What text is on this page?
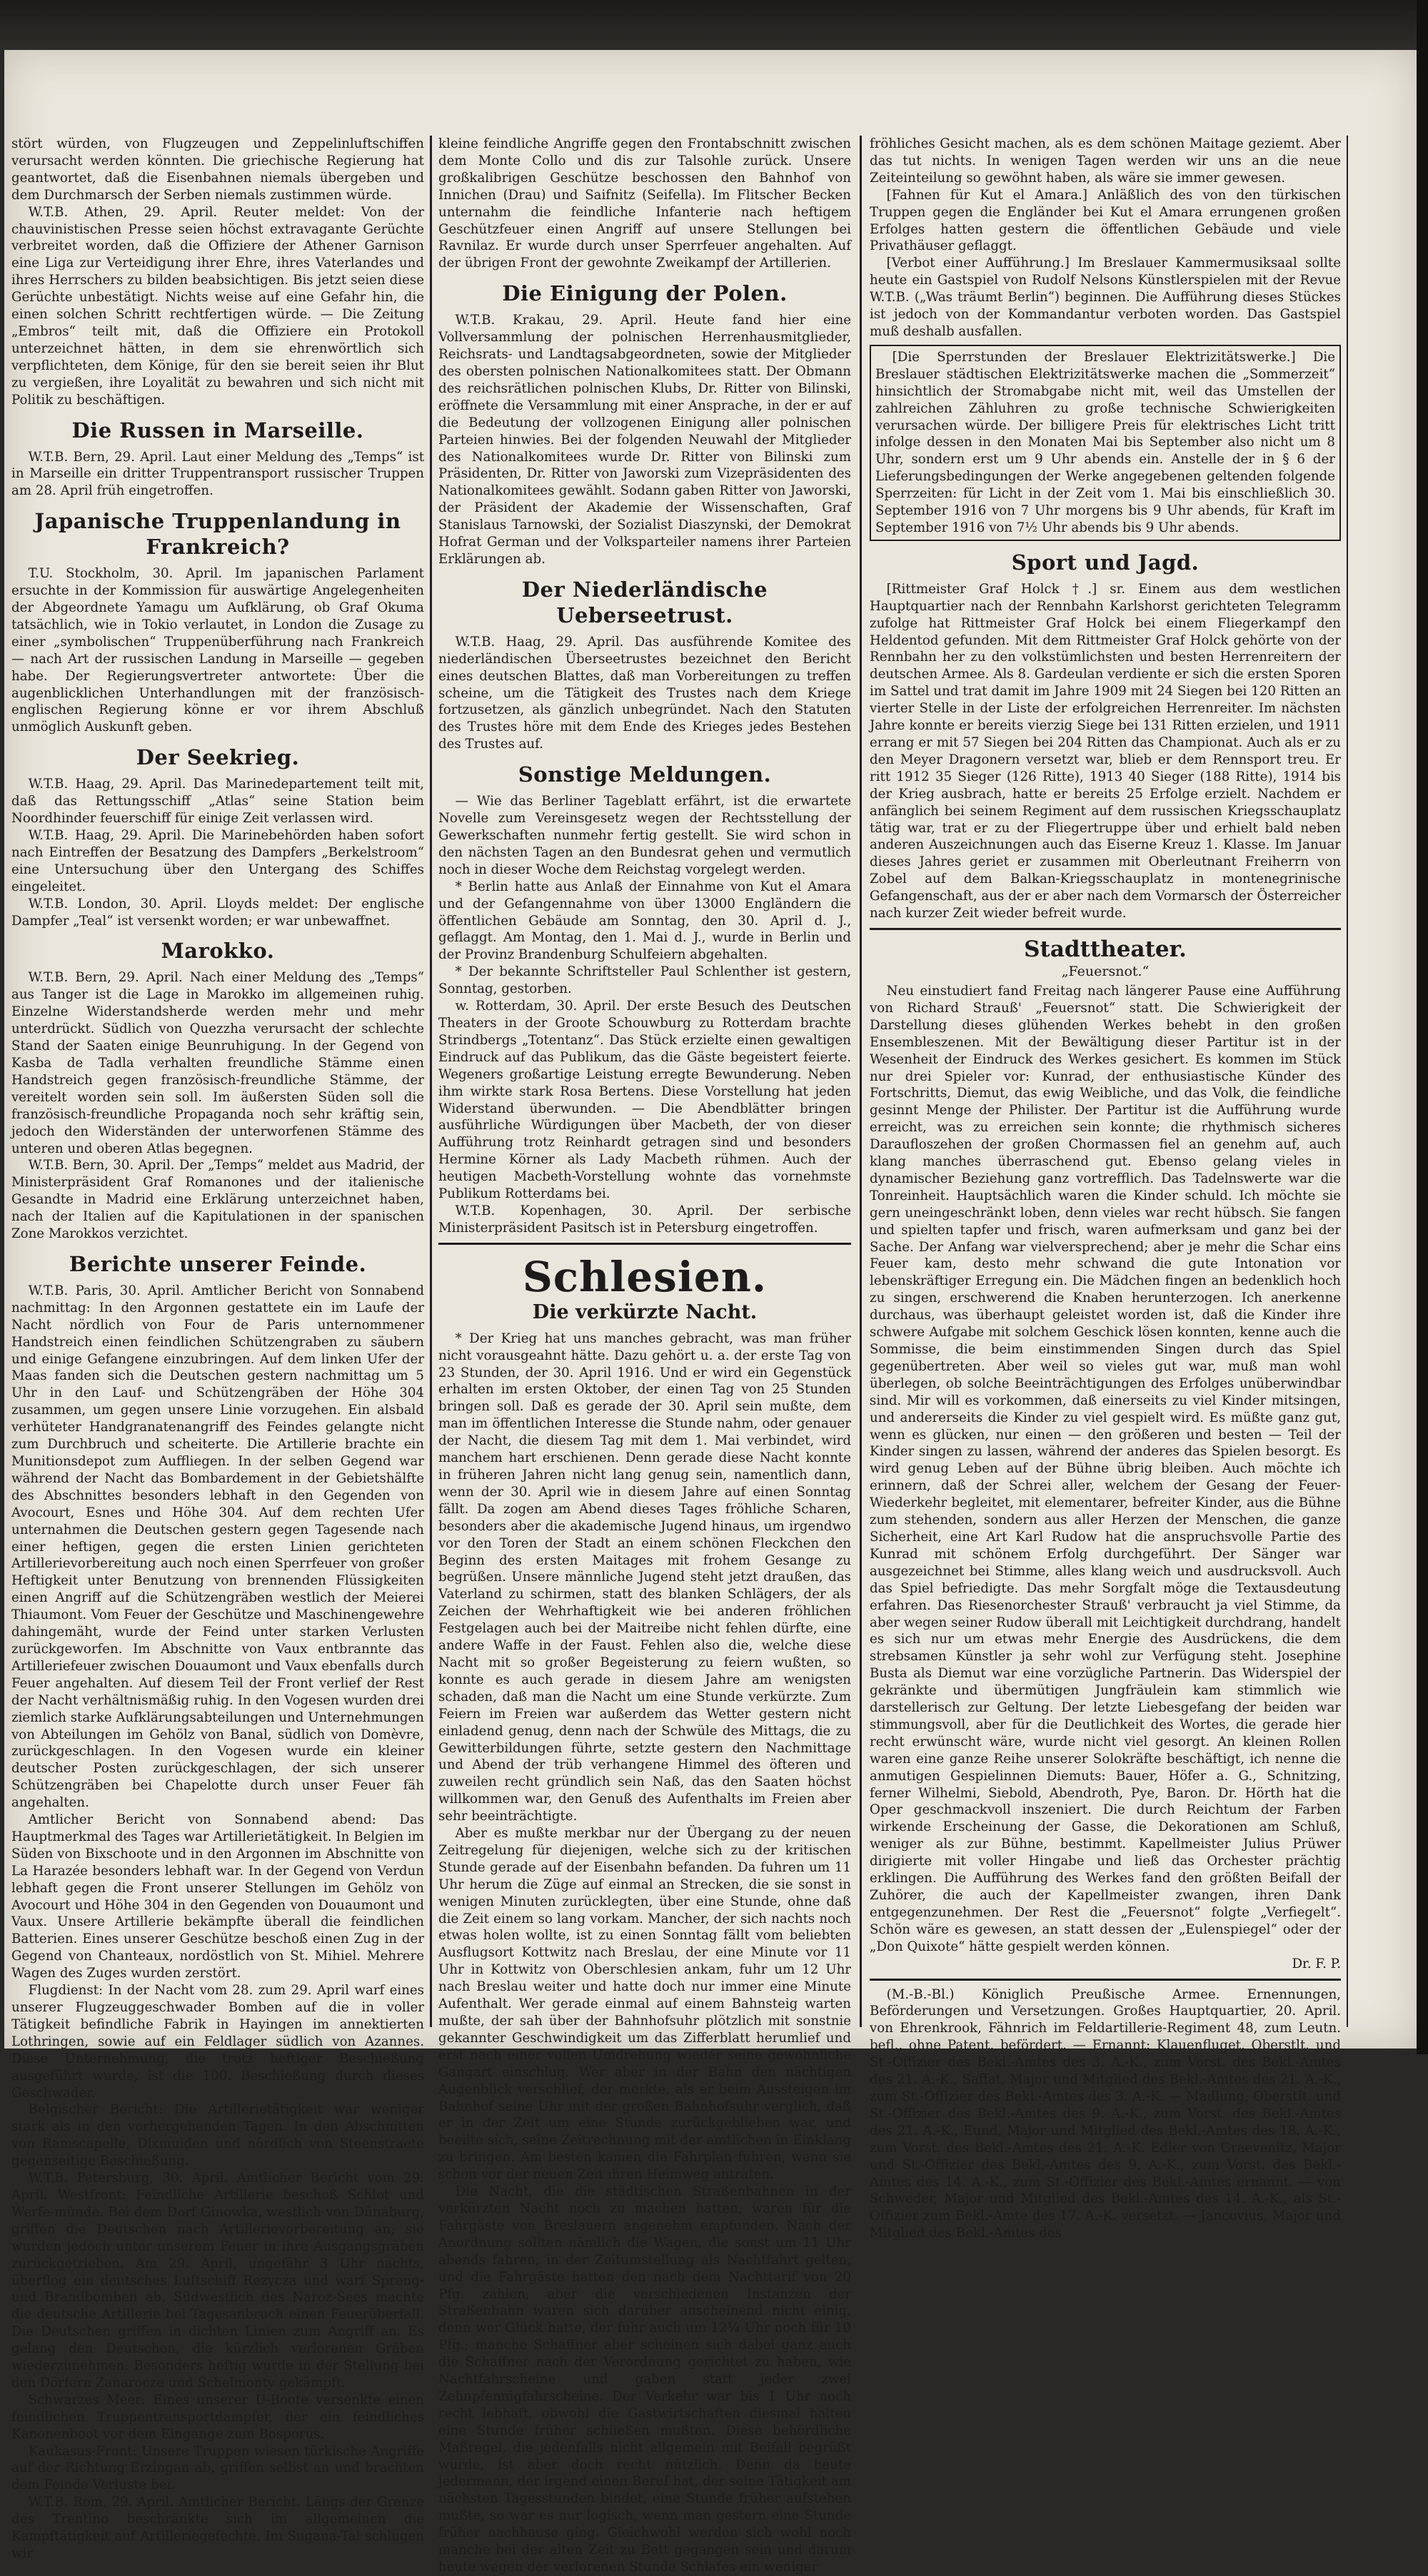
stört würden, von Flugzeugen und Zeppelinluftschiffen verursacht werden könnten. Die griechische Regierung hat geantwortet, daß die Eisenbahnen niemals übergeben und dem Durchmarsch der Serben niemals zustimmen würde.

W.T.B. Athen, 29. April. Reuter meldet: Von der chauvinistischen Presse seien höchst extravagante Gerüchte verbreitet worden, daß die Offiziere der Athener Garnison eine Liga zur Verteidigung ihrer Ehre, ihres Vaterlandes und ihres Herrschers zu bilden beabsichtigen. Bis jetzt seien diese Gerüchte unbestätigt. Nichts weise auf eine Gefahr hin, die einen solchen Schritt rechtfertigen würde. — Die Zeitung „Embros“ teilt mit, daß die Offiziere ein Protokoll unterzeichnet hätten, in dem sie ehrenwörtlich sich verpflichteten, dem Könige, für den sie bereit seien ihr Blut zu vergießen, ihre Loyalität zu bewahren und sich nicht mit Politik zu beschäftigen.

Die Russen in Marseille.

W.T.B. Bern, 29. April. Laut einer Meldung des „Temps“ ist in Marseille ein dritter Truppentransport russischer Truppen am 28. April früh eingetroffen.

Japanische Truppenlandung in Frankreich?

T.U. Stockholm, 30. April. Im japanischen Parlament ersuchte in der Kommission für auswärtige Angelegenheiten der Abgeordnete Yamagu um Aufklärung, ob Graf Okuma tatsächlich, wie in Tokio verlautet, in London die Zusage zu einer „symbolischen“ Truppenüberführung nach Frankreich — nach Art der russischen Landung in Marseille — gegeben habe. Der Regierungsvertreter antwortete: Über die augenblicklichen Unterhandlungen mit der französisch-englischen Regierung könne er vor ihrem Abschluß unmöglich Auskunft geben.

Der Seekrieg.

W.T.B. Haag, 29. April. Das Marinedepartement teilt mit, daß das Rettungsschiff „Atlas“ seine Station beim Noordhinder feuerschiff für einige Zeit verlassen wird.

W.T.B. Haag, 29. April. Die Marinebehörden haben sofort nach Eintreffen der Besatzung des Dampfers „Berkelstroom“ eine Untersuchung über den Untergang des Schiffes eingeleitet.

W.T.B. London, 30. April. Lloyds meldet: Der englische Dampfer „Teal“ ist versenkt worden; er war unbewaffnet.

Marokko.

W.T.B. Bern, 29. April. Nach einer Meldung des „Temps“ aus Tanger ist die Lage in Marokko im allgemeinen ruhig. Einzelne Widerstandsherde werden mehr und mehr unterdrückt. Südlich von Quezzha verursacht der schlechte Stand der Saaten einige Beunruhigung. In der Gegend von Kasba de Tadla verhalten freundliche Stämme einen Handstreich gegen französisch-freundliche Stämme, der vereitelt worden sein soll. Im äußersten Süden soll die französisch-freundliche Propaganda noch sehr kräftig sein, jedoch den Widerständen der unterworfenen Stämme des unteren und oberen Atlas begegnen.

W.T.B. Bern, 30. April. Der „Temps“ meldet aus Madrid, der Ministerpräsident Graf Romanones und der italienische Gesandte in Madrid eine Erklärung unterzeichnet haben, nach der Italien auf die Kapitulationen in der spanischen Zone Marokkos verzichtet.

Berichte unserer Feinde.

W.T.B. Paris, 30. April. Amtlicher Bericht von Sonnabend nachmittag: In den Argonnen gestattete ein im Laufe der Nacht nördlich von Four de Paris unternommener Handstreich einen feindlichen Schützengraben zu säubern und einige Gefangene einzubringen. Auf dem linken Ufer der Maas fanden sich die Deutschen gestern nachmittag um 5 Uhr in den Lauf- und Schützengräben der Höhe 304 zusammen, um gegen unsere Linie vorzugehen. Ein alsbald verhüteter Handgranatenangriff des Feindes gelangte nicht zum Durchbruch und scheiterte. Die Artillerie brachte ein Munitionsdepot zum Auffliegen. In der selben Gegend war während der Nacht das Bombardement in der Gebietshälfte des Abschnittes besonders lebhaft in den Gegenden von Avocourt, Esnes und Höhe 304. Auf dem rechten Ufer unternahmen die Deutschen gestern gegen Tagesende nach einer heftigen, gegen die ersten Linien gerichteten Artillerievorbereitung auch noch einen Sperrfeuer von großer Heftigkeit unter Benutzung von brennenden Flüssigkeiten einen Angriff auf die Schützengräben westlich der Meierei Thiaumont. Vom Feuer der Geschütze und Maschinengewehre dahingemäht, wurde der Feind unter starken Verlusten zurückgeworfen. Im Abschnitte von Vaux entbrannte das Artilleriefeuer zwischen Douaumont und Vaux ebenfalls durch Feuer angehalten. Auf diesem Teil der Front verlief der Rest der Nacht verhältnismäßig ruhig. In den Vogesen wurden drei ziemlich starke Aufklärungsabteilungen und Unternehmungen von Abteilungen im Gehölz von Banal, südlich von Domèvre, zurückgeschlagen. In den Vogesen wurde ein kleiner deutscher Posten zurückgeschlagen, der sich unserer Schützengräben bei Chapelotte durch unser Feuer fäh angehalten.

Amtlicher Bericht von Sonnabend abend: Das Hauptmerkmal des Tages war Artillerietätigkeit. In Belgien im Süden von Bixschoote und in den Argonnen im Abschnitte von La Harazée besonders lebhaft war. In der Gegend von Verdun lebhaft gegen die Front unserer Stellungen im Gehölz von Avocourt und Höhe 304 in den Gegenden von Douaumont und Vaux. Unsere Artillerie bekämpfte überall die feindlichen Batterien. Eines unserer Geschütze beschoß einen Zug in der Gegend von Chanteaux, nordöstlich von St. Mihiel. Mehrere Wagen des Zuges wurden zerstört.

Flugdienst: In der Nacht vom 28. zum 29. April warf eines unserer Flugzeuggeschwader Bomben auf die in voller Tätigkeit befindliche Fabrik in Hayingen im annektierten Lothringen, sowie auf ein Feldlager südlich von Azannes. Diese Unternehmung, die trotz heftiger Beschießung ausgeführt wurde, ist die 100. Beschießung durch dieses Geschwader.

Belgischer Bericht: Die Artillerietätigkeit war weniger stark als in den vorhergehenden Tagen. In den Abschnitten von Ramscapelle, Dixmuiden und nördlich von Steenstraete gegenseitige Beschießung.

W.T.B. Petersburg, 30. April. Amtlicher Bericht vom 29. April. Westfront: Feindliche Artillerie beschoß Schlot und Werfe-münde. Bei dem Dorf Ginowka, westlich von Dünaburg, griffen die Deutschen nach Artillerievorbereitung an; sie wurden jedoch unter unserem Feuer in ihre Ausgangsgräben zurückgetrieben. Am 29. April, ungefähr 3 Uhr nachts, überflog ein deutsches Luftschiff Rezycza und warf Spreng- und Brandbomben ab. Südwestlich des Naroz-Sees machte die deutsche Artillerie bei Tagesanbruch einen Feuerüberfall. Die Deutschen griffen in dichten Linien zum Angriff an. Es gelang den Deutschen, die kürzlich verlorenen Gräben wiederzunehmen. Besonders heftig wurde in der Stellung bei den Dörfern Zanarocze und Schelmonty gekämpft.

Schwarzes Meer: Eines unserer U-Boote versenkte einen feindlichen Truppentransportdampfer, der ein feindliches Kanonenboot vor dem Eingange zum Bosporus.

Kaukasus-Front: Unsere Truppen wiesen türkische Angriffe auf der Richtung Erzingan ab, griffen selbst an und brachten dem Feinde Verluste bei.

W.T.B. Rom, 29. April. Amtlicher Bericht. Längs der Grenze des Trentino beschränkte sich im allgemeinen die Kampftätigkeit auf Artilleriegefechte. Im Sugana-Tal schlugen wir

kleine feindliche Angriffe gegen den Frontabschnitt zwischen dem Monte Collo und dis zur Talsohle zurück. Unsere großkalibrigen Geschütze beschossen den Bahnhof von Innichen (Drau) und Saifnitz (Seifella). Im Flitscher Becken unternahm die feindliche Infanterie nach heftigem Geschützfeuer einen Angriff auf unsere Stellungen bei Ravnilaz. Er wurde durch unser Sperrfeuer angehalten. Auf der übrigen Front der gewohnte Zweikampf der Artillerien.

Die Einigung der Polen.

W.T.B. Krakau, 29. April. Heute fand hier eine Vollversammlung der polnischen Herrenhausmitglieder, Reichsrats- und Landtagsabgeordneten, sowie der Mitglieder des obersten polnischen Nationalkomitees statt. Der Obmann des reichsrätlichen polnischen Klubs, Dr. Ritter von Bilinski, eröffnete die Versammlung mit einer Ansprache, in der er auf die Bedeutung der vollzogenen Einigung aller polnischen Parteien hinwies. Bei der folgenden Neuwahl der Mitglieder des Nationalkomitees wurde Dr. Ritter von Bilinski zum Präsidenten, Dr. Ritter von Jaworski zum Vizepräsidenten des Nationalkomitees gewählt. Sodann gaben Ritter von Jaworski, der Präsident der Akademie der Wissenschaften, Graf Stanislaus Tarnowski, der Sozialist Diaszynski, der Demokrat Hofrat German und der Volksparteiler namens ihrer Parteien Erklärungen ab.

Der Niederländische Ueberseetrust.

W.T.B. Haag, 29. April. Das ausführende Komitee des niederländischen Überseetrustes bezeichnet den Bericht eines deutschen Blattes, daß man Vorbereitungen zu treffen scheine, um die Tätigkeit des Trustes nach dem Kriege fortzusetzen, als gänzlich unbegründet. Nach den Statuten des Trustes höre mit dem Ende des Krieges jedes Bestehen des Trustes auf.

Sonstige Meldungen.

— Wie das Berliner Tageblatt erfährt, ist die erwartete Novelle zum Vereinsgesetz wegen der Rechtsstellung der Gewerkschaften nunmehr fertig gestellt. Sie wird schon in den nächsten Tagen an den Bundesrat gehen und vermutlich noch in dieser Woche dem Reichstag vorgelegt werden.

* Berlin hatte aus Anlaß der Einnahme von Kut el Amara und der Gefangennahme von über 13000 Engländern die öffentlichen Gebäude am Sonntag, den 30. April d. J., geflaggt. Am Montag, den 1. Mai d. J., wurde in Berlin und der Provinz Brandenburg Schulfeiern abgehalten.

* Der bekannte Schriftsteller Paul Schlenther ist gestern, Sonntag, gestorben.

w. Rotterdam, 30. April. Der erste Besuch des Deutschen Theaters in der Groote Schouwburg zu Rotterdam brachte Strindbergs „Totentanz“. Das Stück erzielte einen gewaltigen Eindruck auf das Publikum, das die Gäste begeistert feierte. Wegeners großartige Leistung erregte Bewunderung. Neben ihm wirkte stark Rosa Bertens. Diese Vorstellung hat jeden Widerstand überwunden. — Die Abendblätter bringen ausführliche Würdigungen über Macbeth, der von dieser Aufführung trotz Reinhardt getragen sind und besonders Hermine Körner als Lady Macbeth rühmen. Auch der heutigen Macbeth-Vorstellung wohnte das vornehmste Publikum Rotterdams bei.

W.T.B. Kopenhagen, 30. April. Der serbische Ministerpräsident Pasitsch ist in Petersburg eingetroffen.

Schlesien.
Die verkürzte Nacht.

* Der Krieg hat uns manches gebracht, was man früher nicht vorausgeahnt hätte. Dazu gehört u. a. der erste Tag von 23 Stunden, der 30. April 1916. Und er wird ein Gegenstück erhalten im ersten Oktober, der einen Tag von 25 Stunden bringen soll. Daß es gerade der 30. April sein mußte, dem man im öffentlichen Interesse die Stunde nahm, oder genauer der Nacht, die diesem Tag mit dem 1. Mai verbindet, wird manchem hart erschienen. Denn gerade diese Nacht konnte in früheren Jahren nicht lang genug sein, namentlich dann, wenn der 30. April wie in diesem Jahre auf einen Sonntag fällt. Da zogen am Abend dieses Tages fröhliche Scharen, besonders aber die akademische Jugend hinaus, um irgendwo vor den Toren der Stadt an einem schönen Fleckchen den Beginn des ersten Maitages mit frohem Gesange zu begrüßen. Unsere männliche Jugend steht jetzt draußen, das Vaterland zu schirmen, statt des blanken Schlägers, der als Zeichen der Wehrhaftigkeit wie bei anderen fröhlichen Festgelagen auch bei der Maitreibe nicht fehlen dürfte, eine andere Waffe in der Faust. Fehlen also die, welche diese Nacht mit so großer Begeisterung zu feiern wußten, so konnte es auch gerade in diesem Jahre am wenigsten schaden, daß man die Nacht um eine Stunde verkürzte. Zum Feiern im Freien war außerdem das Wetter gestern nicht einladend genug, denn nach der Schwüle des Mittags, die zu Gewitterbildungen führte, setzte gestern den Nachmittage und Abend der trüb verhangene Himmel des öfteren und zuweilen recht gründlich sein Naß, das den Saaten höchst willkommen war, den Genuß des Aufenthalts im Freien aber sehr beeinträchtigte.

Aber es mußte merkbar nur der Übergang zu der neuen Zeitregelung für diejenigen, welche sich zu der kritischen Stunde gerade auf der Eisenbahn befanden. Da fuhren um 11 Uhr herum die Züge auf einmal an Strecken, die sie sonst in wenigen Minuten zurücklegten, über eine Stunde, ohne daß die Zeit einem so lang vorkam. Mancher, der sich nachts noch etwas holen wollte, ist zu einen Sonntag fällt vom beliebten Ausflugsort Kottwitz nach Breslau, der eine Minute vor 11 Uhr in Kottwitz von Oberschlesien ankam, fuhr um 12 Uhr nach Breslau weiter und hatte doch nur immer eine Minute Aufenthalt. Wer gerade einmal auf einem Bahnsteig warten mußte, der sah über der Bahnhofsuhr plötzlich mit sonstnie gekannter Geschwindigkeit um das Zifferblatt herumlief und erst nach einer vollen Umdrehung wieder seine gewöhnliche Gangart einschlug. Wer aber in der Bahn den nächtigen Augenblick verschlief, der merkte, als er beim Aussteigen im Bahnhof seine Uhr mit der großen Bahnhofsuhr verglich, daß er in der Zeit um eine Stunde zurückgeblieben war, und beeilte sich, seine Zeitrechnung mit der amtlichen in Einklang zu bringen. Am besten kamen die Fahrplan fuhren, wenn sie schon vor der neuen Zeit ihren Heimweg antraten.

Die Nacht, die die städtischen Straßenbahnen in der verkürzten Nacht noch zu machen hatten, waren für die Fahrgäste von Breslauern angenehm empfunden. Nach der Anordnung sollten nämlich die Wagen, die sonst um 11 Uhr abends fahren, in der Zeitumstellung als Nachtfahrt gelten, und die Fahrgäste hatten den nach dem Nachttarif von 20 Pfg. zahlen, aber die verschiedenen Instanzen der Straßenbahn waren sich darüber anscheinend nicht einig, denn wer Glück hatte, der fuhr auch um 12¼ Uhr noch für 10 Pfg.; manche Schaffner aber scheinen sich dabei ganz auch die Schaffner nach der Verordnung gerichtet zu haben, wie Nachtfahrscheine und gaben statt jeder zwei Zehnpfennigfahrscheine. Der Verkehr war bis 1 Uhr noch recht lebhaft, obwohl die Gastwirtschaften diesmal halten eine Stunde früher schließen mußten. Diese behördliche Maßregel, die jedenfalls nicht allgemein mit Beifall begrüßt wurde, ist aber doch recht nützlich. Denn da heute jedermann, der irgend einen Beruf hat, der seine Tätigkeit am nächsten Tagesstunden bindet, eine Stunde früher aufstehen mußte, so war es nur logisch, wenn man gestern eine Stunde früher nachhause ging. Gleichwohl werden sich wohl noch manche bei der alten Zeit zu Bett gegangen sein und darum heute wegen der verlorenen Stunde Schlafes ein weniger

fröhliches Gesicht machen, als es dem schönen Maitage geziemt. Aber das tut nichts. In wenigen Tagen werden wir uns an die neue Zeiteinteilung so gewöhnt haben, als wäre sie immer gewesen.

[Fahnen für Kut el Amara.] Anläßlich des von den türkischen Truppen gegen die Engländer bei Kut el Amara errungenen großen Erfolges hatten gestern die öffentlichen Gebäude und viele Privathäuser geflaggt.

[Verbot einer Aufführung.] Im Breslauer Kammermusiksaal sollte heute ein Gastspiel von Rudolf Nelsons Künstlerspielen mit der Revue W.T.B. („Was träumt Berlin“) beginnen. Die Aufführung dieses Stückes ist jedoch von der Kommandantur verboten worden. Das Gastspiel muß deshalb ausfallen.

[Die Sperrstunden der Breslauer Elektrizitätswerke.] Die Breslauer städtischen Elektrizitätswerke machen die „Sommerzeit“ hinsichtlich der Stromabgabe nicht mit, weil das Umstellen der zahlreichen Zähluhren zu große technische Schwierigkeiten verursachen würde. Der billigere Preis für elektrisches Licht tritt infolge dessen in den Monaten Mai bis September also nicht um 8 Uhr, sondern erst um 9 Uhr abends ein. Anstelle der in § 6 der Lieferungsbedingungen der Werke angegebenen geltenden folgende Sperrzeiten: für Licht in der Zeit vom 1. Mai bis einschließlich 30. September 1916 von 7 Uhr morgens bis 9 Uhr abends, für Kraft im September 1916 von 7½ Uhr abends bis 9 Uhr abends.

Sport und Jagd.

[Rittmeister Graf Holck †.] sr. Einem aus dem westlichen Hauptquartier nach der Rennbahn Karlshorst gerichteten Telegramm zufolge hat Rittmeister Graf Holck bei einem Fliegerkampf den Heldentod gefunden. Mit dem Rittmeister Graf Holck gehörte von der Rennbahn her zu den volkstümlichsten und besten Herrenreitern der deutschen Armee. Als 8. Gardeulan verdiente er sich die ersten Sporen im Sattel und trat damit im Jahre 1909 mit 24 Siegen bei 120 Ritten an vierter Stelle in der Liste der erfolgreichen Herrenreiter. Im nächsten Jahre konnte er bereits vierzig Siege bei 131 Ritten erzielen, und 1911 errang er mit 57 Siegen bei 204 Ritten das Championat. Auch als er zu den Meyer Dragonern versetzt war, blieb er dem Rennsport treu. Er ritt 1912 35 Sieger (126 Ritte), 1913 40 Sieger (188 Ritte), 1914 bis der Krieg ausbrach, hatte er bereits 25 Erfolge erzielt. Nachdem er anfänglich bei seinem Regiment auf dem russischen Kriegsschauplatz tätig war, trat er zu der Fliegertruppe über und erhielt bald neben anderen Auszeichnungen auch das Eiserne Kreuz 1. Klasse. Im Januar dieses Jahres geriet er zusammen mit Oberleutnant Freiherrn von Zobel auf dem Balkan-Kriegsschauplatz in montenegrinische Gefangenschaft, aus der er aber nach dem Vormarsch der Österreicher nach kurzer Zeit wieder befreit wurde.

Stadttheater.
„Feuersnot.“

Neu einstudiert fand Freitag nach längerer Pause eine Aufführung von Richard Strauß' „Feuersnot“ statt. Die Schwierigkeit der Darstellung dieses glühenden Werkes behebt in den großen Ensembleszenen. Mit der Bewältigung dieser Partitur ist in der Wesenheit der Eindruck des Werkes gesichert. Es kommen im Stück nur drei Spieler vor: Kunrad, der enthusiastische Künder des Fortschritts, Diemut, das ewig Weibliche, und das Volk, die feindliche gesinnt Menge der Philister. Der Partitur ist die Aufführung wurde erreicht, was zu erreichen sein konnte; die rhythmisch sicheres Daraufloszehen der großen Chormassen fiel an genehm auf, auch klang manches überraschend gut. Ebenso gelang vieles in dynamischer Beziehung ganz vortrefflich. Das Tadelnswerte war die Tonreinheit. Hauptsächlich waren die Kinder schuld. Ich möchte sie gern uneingeschränkt loben, denn vieles war recht hübsch. Sie fangen und spielten tapfer und frisch, waren aufmerksam und ganz bei der Sache. Der Anfang war vielversprechend; aber je mehr die Schar eins Feuer kam, desto mehr schwand die gute Intonation vor lebenskräftiger Erregung ein. Die Mädchen fingen an bedenklich hoch zu singen, erschwerend die Knaben herunterzogen. Ich anerkenne durchaus, was überhaupt geleistet worden ist, daß die Kinder ihre schwere Aufgabe mit solchem Geschick lösen konnten, kenne auch die Sommisse, die beim einstimmenden Singen durch das Spiel gegenübertreten. Aber weil so vieles gut war, muß man wohl überlegen, ob solche Beeinträchtigungen des Erfolges unüberwindbar sind. Mir will es vorkommen, daß einerseits zu viel Kinder mitsingen, und andererseits die Kinder zu viel gespielt wird. Es müßte ganz gut, wenn es glücken, nur einen — den größeren und besten — Teil der Kinder singen zu lassen, während der anderes das Spielen besorgt. Es wird genug Leben auf der Bühne übrig bleiben. Auch möchte ich erinnern, daß der Schrei aller, welchem der Gesang der Feuer-Wiederkehr begleitet, mit elementarer, befreiter Kinder, aus die Bühne zum stehenden, sondern aus aller Herzen der Menschen, die ganze Sicherheit, eine Art Karl Rudow hat die anspruchsvolle Partie des Kunrad mit schönem Erfolg durchgeführt. Der Sänger war ausgezeichnet bei Stimme, alles klang weich und ausdrucksvoll. Auch das Spiel befriedigte. Das mehr Sorgfalt möge die Textausdeutung erfahren. Das Riesenorchester Strauß' verbraucht ja viel Stimme, da aber wegen seiner Rudow überall mit Leichtigkeit durchdrang, handelt es sich nur um etwas mehr Energie des Ausdrückens, die dem strebsamen Künstler ja sehr wohl zur Verfügung steht. Josephine Busta als Diemut war eine vorzügliche Partnerin. Das Widerspiel der gekränkte und übermütigen Jungfräulein kam stimmlich wie darstellerisch zur Geltung. Der letzte Liebesgefang der beiden war stimmungsvoll, aber für die Deutlichkeit des Wortes, die gerade hier recht erwünscht wäre, wurde nicht viel gesorgt. An kleinen Rollen waren eine ganze Reihe unserer Solokräfte beschäftigt, ich nenne die anmutigen Gespielinnen Diemuts: Bauer, Höfer a. G., Schnitzing, ferner Wilhelmi, Siebold, Abendroth, Pye, Baron. Dr. Hörth hat die Oper geschmackvoll inszeniert. Die durch Reichtum der Farben wirkende Erscheinung der Gasse, die Dekorationen am Schluß, weniger als zur Bühne, bestimmt. Kapellmeister Julius Prüwer dirigierte mit voller Hingabe und ließ das Orchester prächtig erklingen. Die Aufführung des Werkes fand den größten Beifall der Zuhörer, die auch der Kapellmeister zwangen, ihren Dank entgegenzunehmen. Der Rest die „Feuersnot“ folgte „Verfiegelt“. Schön wäre es gewesen, an statt dessen der „Eulenspiegel“ oder der „Don Quixote“ hätte gespielt werden können.

Dr. F. P.

(M.-B.-Bl.) Königlich Preußische Armee. Ernennungen, Beförderungen und Versetzungen. Großes Hauptquartier, 20. April. von Ehrenkrook, Fähnrich im Feldartillerie-Regiment 48, zum Leutn. befl., ohne Patent, befördert. — Ernannt: Klauenfluget, Oberstlt. und St.-Offizier des Bekl.-Amtes des 3. A.-K., zum Vorst. des Bekl.-Amtes des 21. A.-K., Saffat, Major und Mitglied des Bekl.-Amtes des 21. A.-K., zum St.-Offizier des Bekl.-Amtes des 3. A.-K. — Madlung, Oberstlt. und St.-Offizier des Bekl.-Amtes des 9. A.-K., zum Vorst. des Bekl.-Amtes des 21. A.-K., Eund, Major und Mitglied des Bekl.-Amtes des 18. A.-K., zum Vorst. des Bekl.-Amtes des 21. A.-K. Edler von Graevenitz, Major und St.-Offizier des Bekl.-Amtes des 9. A.-K., zum Vorst. des Bekl.-Amtes des 14. A.-K., zum St.-Offizier des Bekl.-Amtes ernannt. — von Schweder, Major und Mitglied des Bekl.-Amtes des 14. A.-K., als St.-Offizier zum Bekl.-Amte des 17. A.-K. versetzt. — Jancovius, Major und Mitglied des Bekl.-Amtes des
